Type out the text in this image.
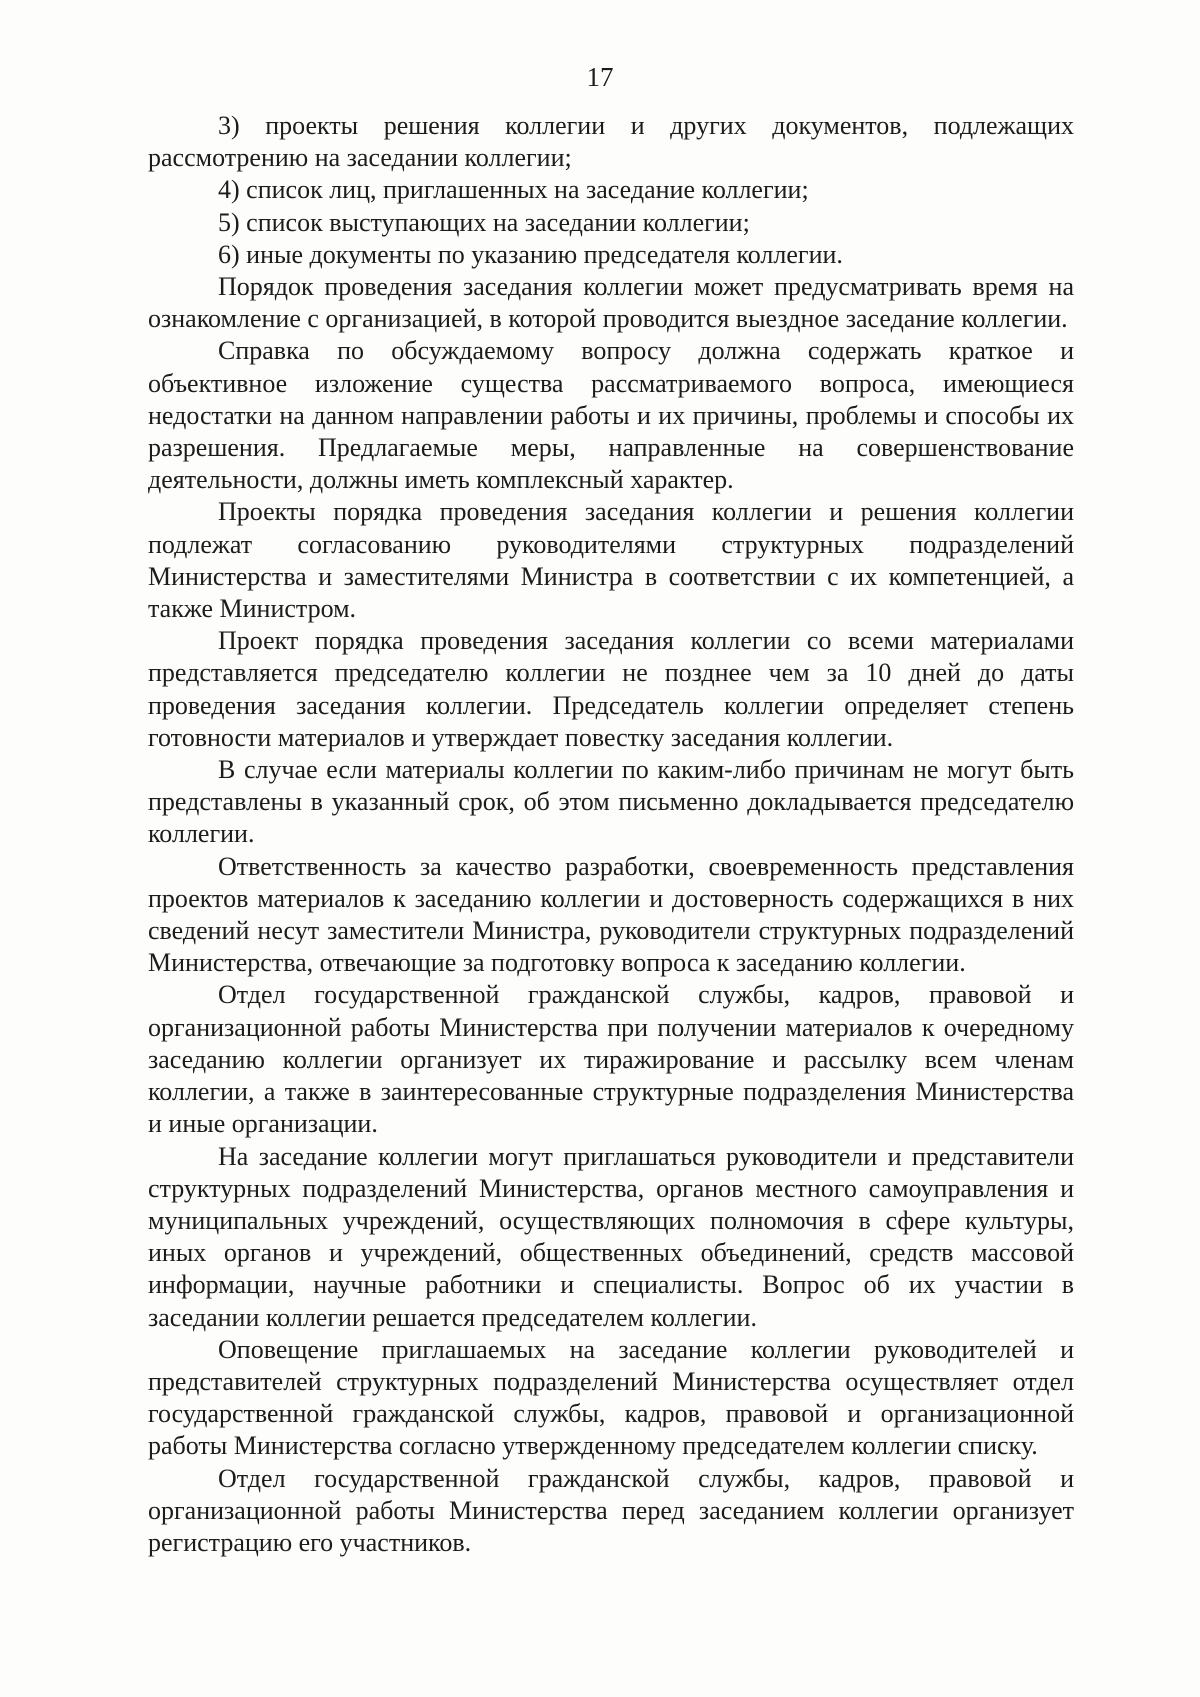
17

3) проекты решения коллегии и других документов, подлежащих рассмотрению на заседании коллегии;

4) список лиц, приглашенных на заседание коллегии;

5) список выступающих на заседании коллегии;

6) иные документы по указанию председателя коллегии.

Порядок проведения заседания коллегии может предусматривать время на ознакомление с организацией, в которой проводится выездное заседание коллегии.

Справка по обсуждаемому вопросу должна содержать краткое и объективное изложение существа рассматриваемого вопроса, имеющиеся недостатки на данном направлении работы и их причины, проблемы и способы их разрешения. Предлагаемые меры, направленные на совершенствование деятельности, должны иметь комплексный характер.

Проекты порядка проведения заседания коллегии и решения коллегии подлежат согласованию руководителями структурных подразделений Министерства и заместителями Министра в соответствии с их компетенцией, а также Министром.

Проект порядка проведения заседания коллегии со всеми материалами представляется председателю коллегии не позднее чем за 10 дней до даты проведения заседания коллегии. Председатель коллегии определяет степень готовности материалов и утверждает повестку заседания коллегии.

В случае если материалы коллегии по каким-либо причинам не могут быть представлены в указанный срок, об этом письменно докладывается председателю коллегии.

Ответственность за качество разработки, своевременность представления проектов материалов к заседанию коллегии и достоверность содержащихся в них сведений несут заместители Министра, руководители структурных подразделений Министерства, отвечающие за подготовку вопроса к заседанию коллегии.

Отдел государственной гражданской службы, кадров, правовой и организационной работы Министерства при получении материалов к очередному заседанию коллегии организует их тиражирование и рассылку всем членам коллегии, а также в заинтересованные структурные подразделения Министерства и иные организации.

На заседание коллегии могут приглашаться руководители и представители структурных подразделений Министерства, органов местного самоуправления и муниципальных учреждений, осуществляющих полномочия в сфере культуры, иных органов и учреждений, общественных объединений, средств массовой информации, научные работники и специалисты. Вопрос об их участии в заседании коллегии решается председателем коллегии.

Оповещение приглашаемых на заседание коллегии руководителей и представителей структурных подразделений Министерства осуществляет отдел государственной гражданской службы, кадров, правовой и организационной работы Министерства согласно утвержденному председателем коллегии списку.

Отдел государственной гражданской службы, кадров, правовой и организационной работы Министерства перед заседанием коллегии организует регистрацию его участников.
